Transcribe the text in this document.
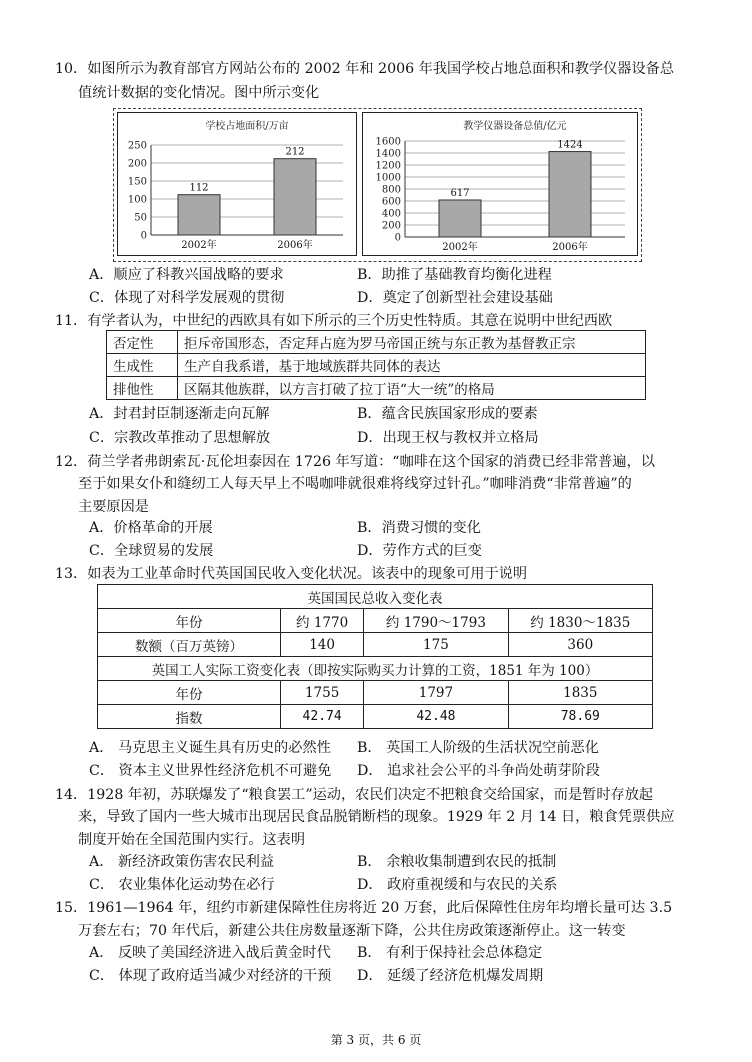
10．如图所示为教育部官方网站公布的 2002 年和 2006 年我国学校占地总面积和教学仪器设备总
值统计数据的变化情况。图中所示变化
学校占地面积/万亩
250
200
150
100
50
0
112
2002年
212
2006年
教学仪器设备总值/亿元
1600
1400
1200
1000
800
600
400
200
0
617
2002年
1424
2006年
A．顺应了科教兴国战略的要求	B．助推了基础教育均衡化进程
C．体现了对科学发展观的贯彻	D．奠定了创新型社会建设基础
11．有学者认为，中世纪的西欧具有如下所示的三个历史性特质。其意在说明中世纪西欧
否定性	拒斥帝国形态，否定拜占庭为罗马帝国正统与东正教为基督教正宗
生成性	生产自我系谱，基于地域族群共同体的表达
排他性	区隔其他族群，以方言打破了拉丁语“大一统”的格局
A．封君封臣制逐渐走向瓦解	B．蕴含民族国家形成的要素
C．宗教改革推动了思想解放	D．出现王权与教权并立格局
12．荷兰学者弗朗索瓦·瓦伦坦泰因在 1726 年写道：“咖啡在这个国家的消费已经非常普遍，以
至于如果女仆和缝纫工人每天早上不喝咖啡就很难将线穿过针孔。”咖啡消费“非常普遍”的
主要原因是
A．价格革命的开展	B．消费习惯的变化
C．全球贸易的发展	D．劳作方式的巨变
13．如表为工业革命时代英国国民收入变化状况。该表中的现象可用于说明
英国国民总收入变化表			
年份	约 1770	约 1790～1793	约 1830～1835
数额（百万英镑）	140	175	360
英国工人实际工资变化表（即按实际购买力计算的工资，1851 年为 100）			
年份	1755	1797	1835
指数	42.74	42.48	78.69
A． 马克思主义诞生具有历史的必然性 B． 英国工人阶级的生活状况空前恶化
C． 资本主义世界性经济危机不可避免 D． 追求社会公平的斗争尚处萌芽阶段
14．1928 年初，苏联爆发了“粮食罢工”运动，农民们决定不把粮食交给国家，而是暂时存放起
来，导致了国内一些大城市出现居民食品脱销断档的现象。1929 年 2 月 14 日，粮食凭票供应
制度开始在全国范围内实行。这表明
A． 新经济政策伤害农民利益	B． 余粮收集制遭到农民的抵制
C． 农业集体化运动势在必行	D． 政府重视缓和与农民的关系
15．1961—1964 年，纽约市新建保障性住房将近 20 万套，此后保障性住房年均增长量可达 3.5
万套左右；70 年代后，新建公共住房数量逐渐下降，公共住房政策逐渐停止。这一转变
A． 反映了美国经济进入战后黄金时代 B． 有利于保持社会总体稳定
C． 体现了政府适当减少对经济的干预 D． 延缓了经济危机爆发周期
第 3 页，共 6 页
